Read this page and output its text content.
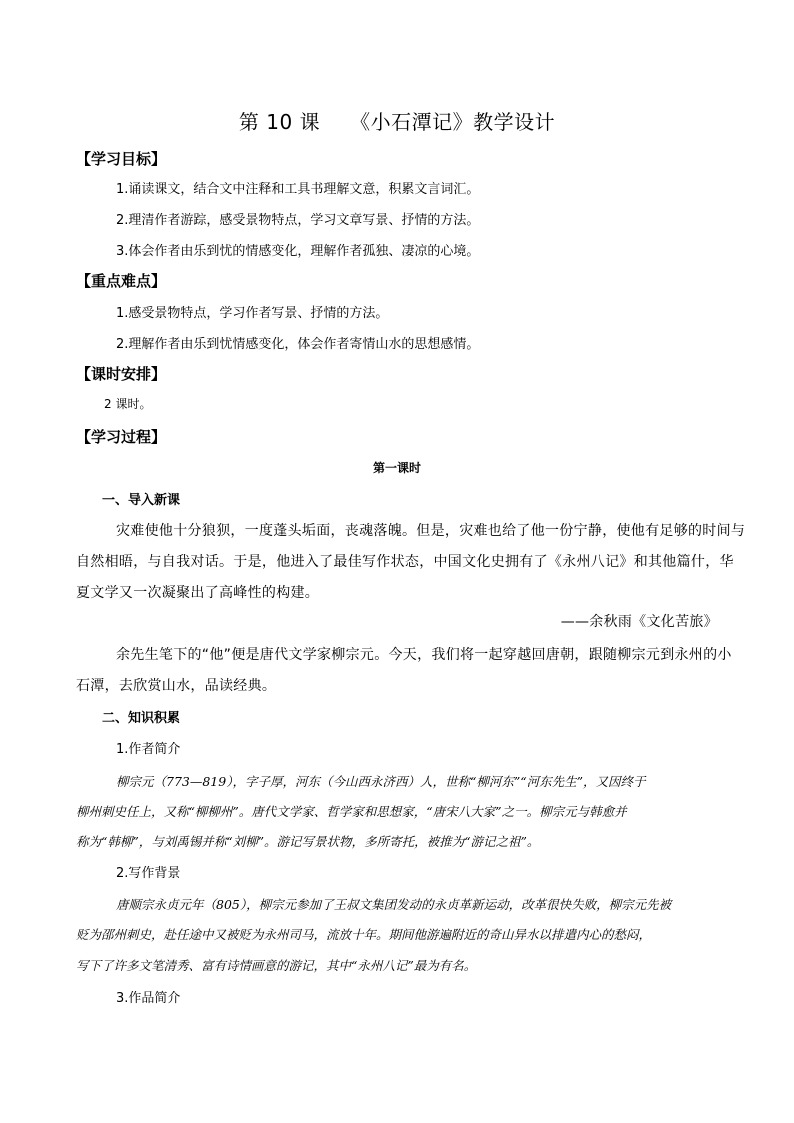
第 10 课 《小石潭记》教学设计
【学习目标】
1.诵读课文，结合文中注释和工具书理解文意，积累文言词汇。
2.理清作者游踪，感受景物特点，学习文章写景、抒情的方法。
3.体会作者由乐到忧的情感变化，理解作者孤独、凄凉的心境。
【重点难点】
1.感受景物特点，学习作者写景、抒情的方法。
2.理解作者由乐到忧情感变化，体会作者寄情山水的思想感情。
【课时安排】
2 课时。
【学习过程】
第一课时
一、导入新课
灾难使他十分狼狈，一度蓬头垢面，丧魂落魄。但是，灾难也给了他一份宁静，使他有足够的时间与
自然相晤，与自我对话。于是，他进入了最佳写作状态，中国文化史拥有了《永州八记》和其他篇什，华
夏文学又一次凝聚出了高峰性的构建。
——余秋雨《文化苦旅》
余先生笔下的“他”便是唐代文学家柳宗元。今天，我们将一起穿越回唐朝，跟随柳宗元到永州的小
石潭，去欣赏山水，品读经典。
二、知识积累
1.作者简介
柳宗元（773—819），字子厚，河东（今山西永济西）人，世称“柳河东”“河东先生”，又因终于
柳州刺史任上，又称“柳柳州”。唐代文学家、哲学家和思想家，“唐宋八大家”之一。柳宗元与韩愈并
称为“韩柳”，与刘禹锡并称“刘柳”。游记写景状物，多所寄托，被推为“游记之祖”。
2.写作背景
唐顺宗永贞元年（805），柳宗元参加了王叔文集团发动的永贞革新运动，改革很快失败，柳宗元先被
贬为邵州刺史，赴任途中又被贬为永州司马，流放十年。期间他游遍附近的奇山异水以排遣内心的愁闷，
写下了许多文笔清秀、富有诗情画意的游记，其中“永州八记”最为有名。
3.作品简介
